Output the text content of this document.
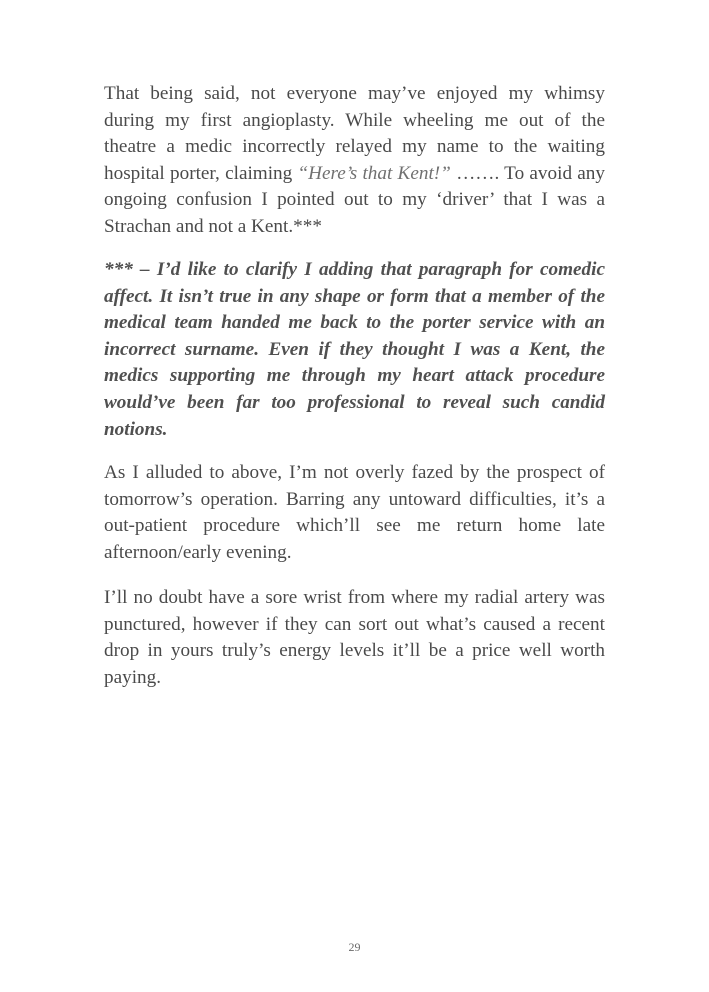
That being said, not everyone may’ve enjoyed my whimsy during my first angioplasty. While wheeling me out of the theatre a medic incorrectly relayed my name to the waiting hospital porter, claiming “Here’s that Kent!” ……. To avoid any ongoing confusion I pointed out to my ‘driver’ that I was a Strachan and not a Kent.***

*** – I’d like to clarify I adding that paragraph for comedic affect. It isn’t true in any shape or form that a member of the medical team handed me back to the porter service with an incorrect surname. Even if they thought I was a Kent, the medics supporting me through my heart attack procedure would’ve been far too professional to reveal such candid notions.

As I alluded to above, I’m not overly fazed by the prospect of tomorrow’s operation. Barring any untoward difficulties, it’s a out-patient procedure which’ll see me return home late afternoon/early evening.

I’ll no doubt have a sore wrist from where my radial artery was punctured, however if they can sort out what’s caused a recent drop in yours truly’s energy levels it’ll be a price well worth paying.

29
